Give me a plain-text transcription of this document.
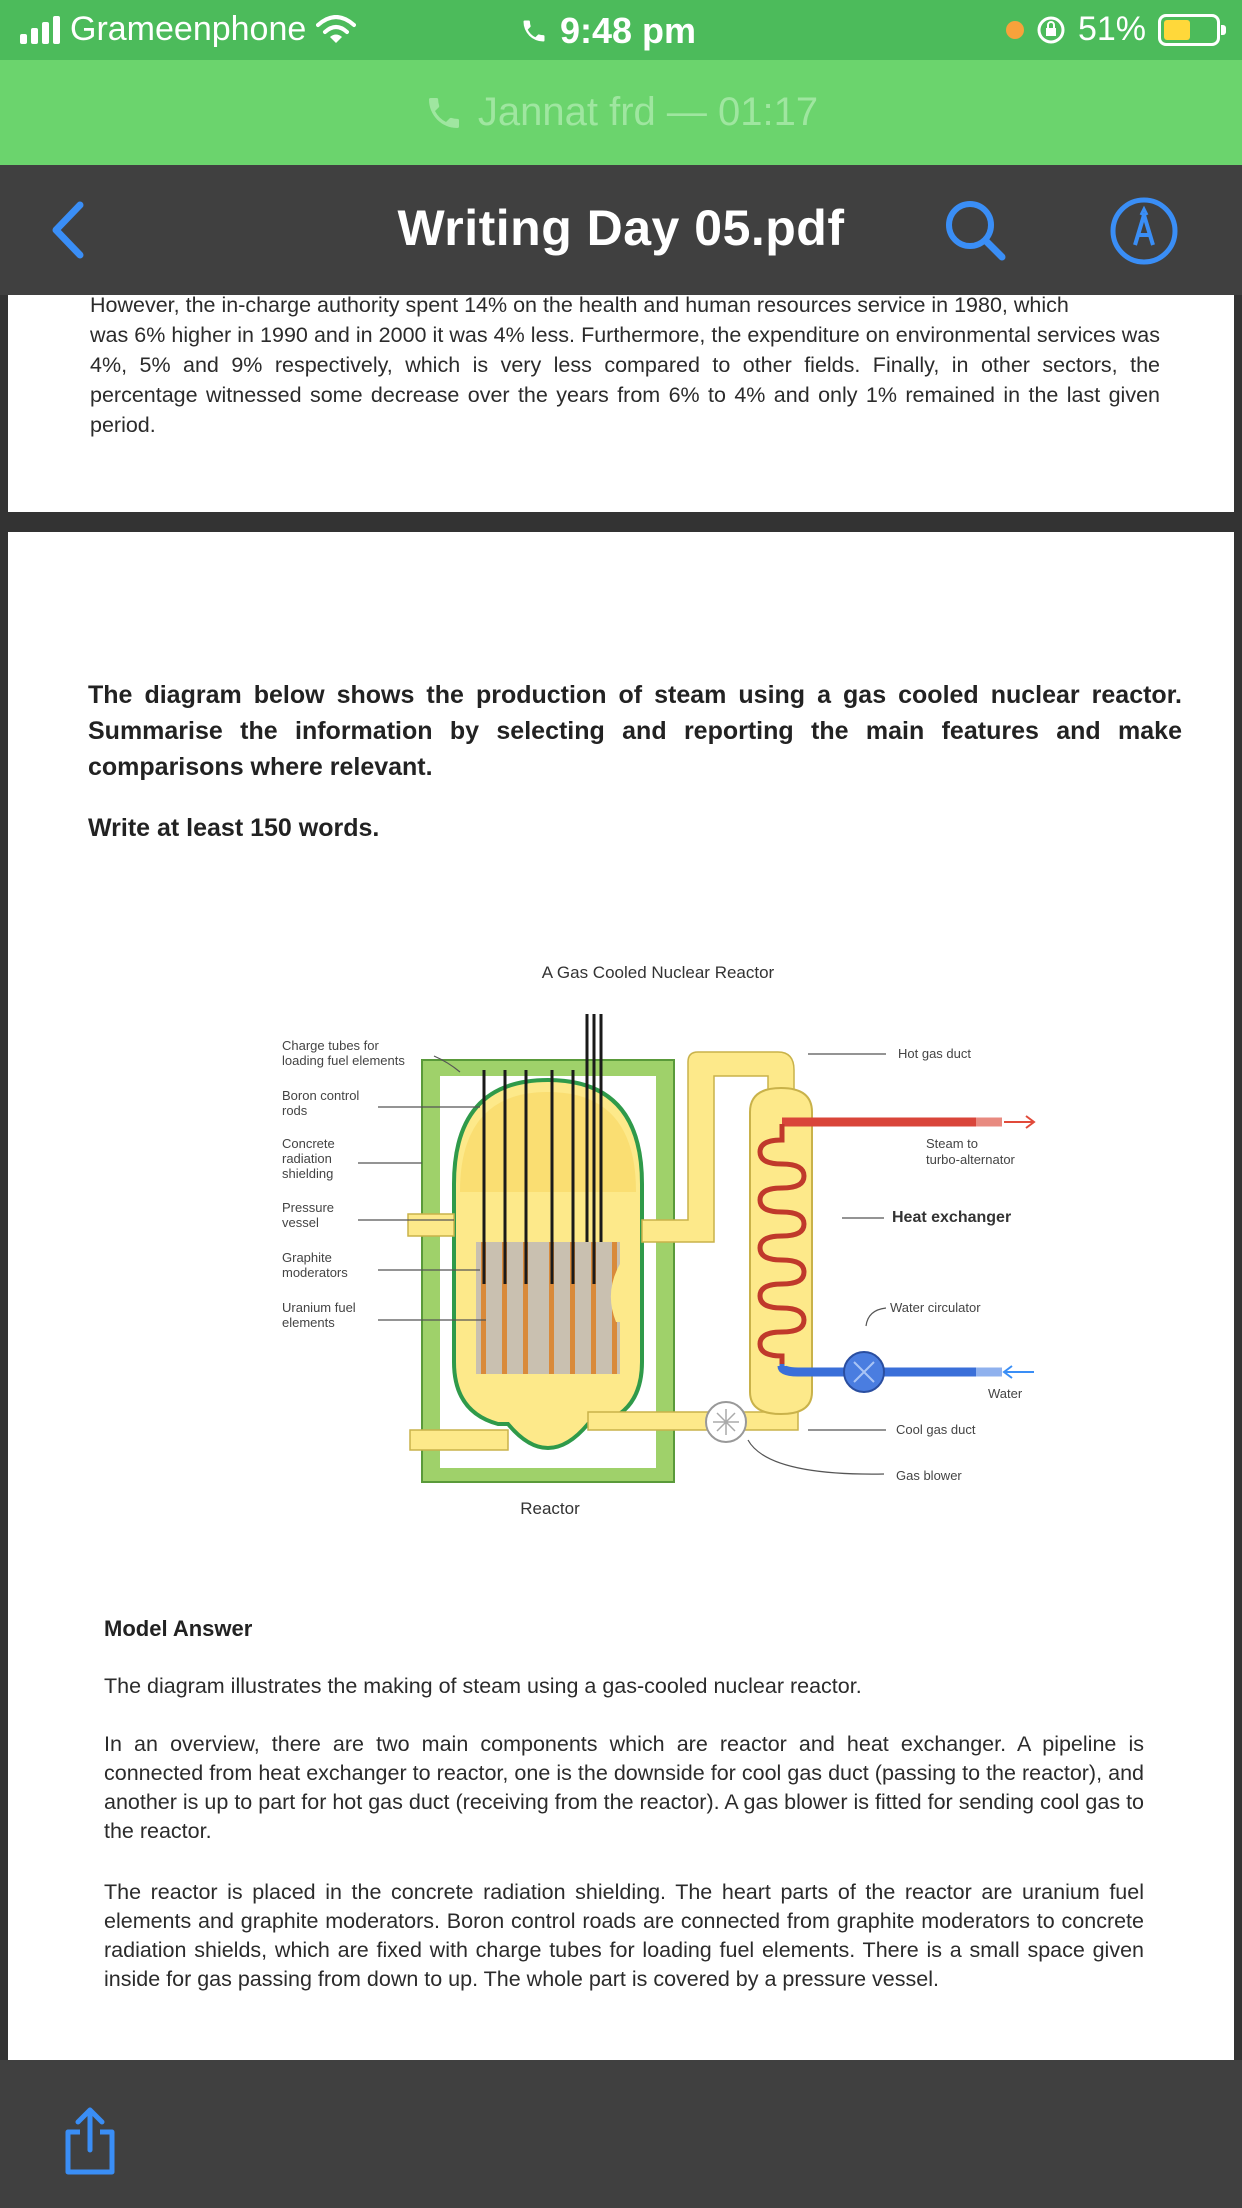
Grameenphone	9:48 pm	51%
Jannat frd — 01:17
Writing Day 05.pdf
However, the in-charge authority spent 14% on the health and human resources service in 1980, which
was 6% higher in 1990 and in 2000 it was 4% less. Furthermore, the expenditure on environmental services was 4%, 5% and 9% respectively, which is very less compared to other fields. Finally, in other sectors, the percentage witnessed some decrease over the years from 6% to 4% and only 1% remained in the last given period.
The diagram below shows the production of steam using a gas cooled nuclear reactor. Summarise the information by selecting and reporting the main features and make comparisons where relevant.
Write at least 150 words.
A Gas Cooled Nuclear Reactor
Charge tubes for
loading fuel elements
Boron control
rods
Concrete
radiation
shielding
Pressure
vessel
Graphite
moderators
Uranium fuel
elements
Hot gas duct
Steam to
turbo-alternator
Heat exchanger
Water circulator
Water
Cool gas duct
Gas blower
Reactor
Model Answer
The diagram illustrates the making of steam using a gas-cooled nuclear reactor.
In an overview, there are two main components which are reactor and heat exchanger. A pipeline is connected from heat exchanger to reactor, one is the downside for cool gas duct (passing to the reactor), and another is up to part for hot gas duct (receiving from the reactor). A gas blower is fitted for sending cool gas to the reactor.
The reactor is placed in the concrete radiation shielding. The heart parts of the reactor are uranium fuel elements and graphite moderators. Boron control roads are connected from graphite moderators to concrete radiation shields, which are fixed with charge tubes for loading fuel elements. There is a small space given inside for gas passing from down to up. The whole part is covered by a pressure vessel.
